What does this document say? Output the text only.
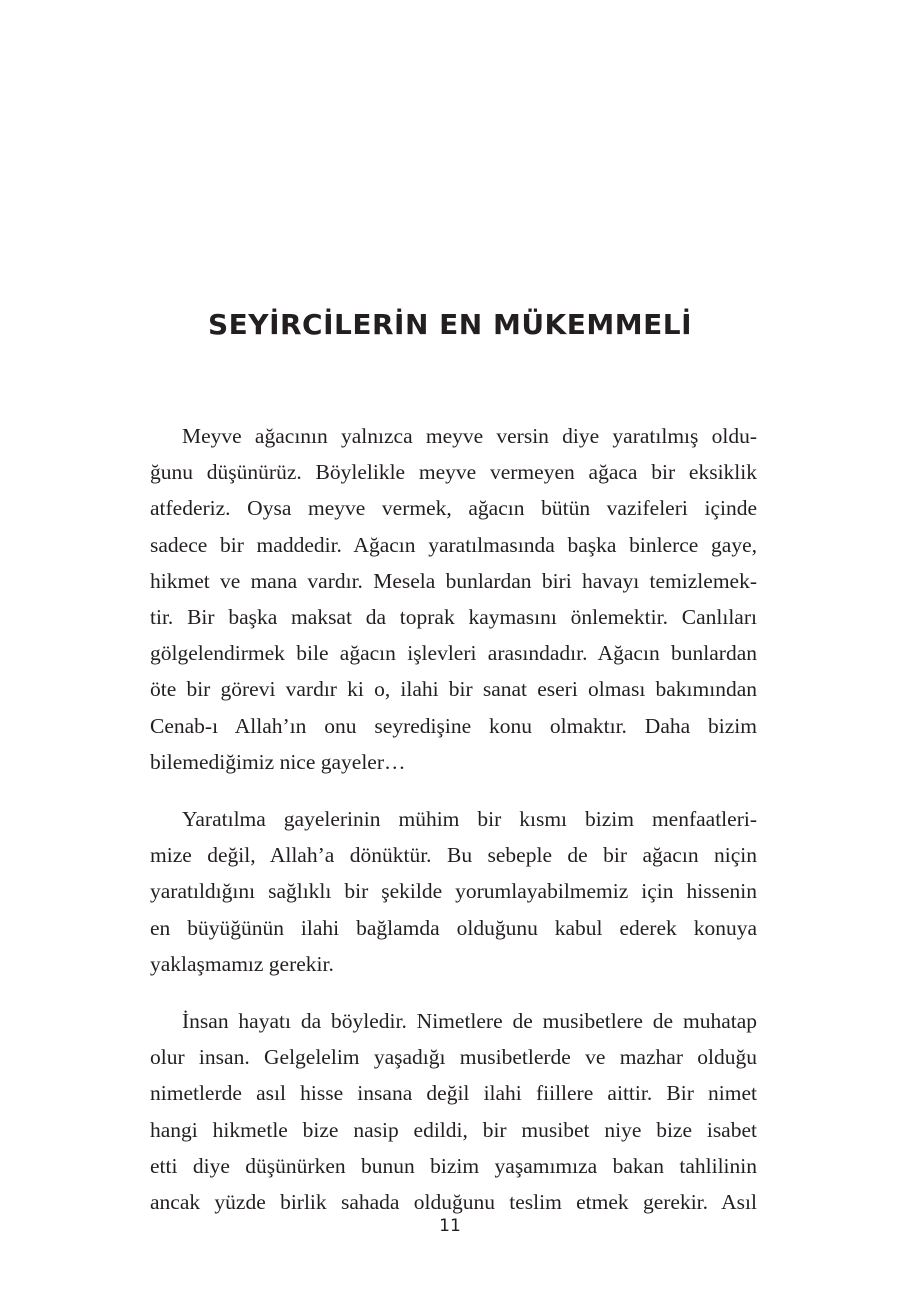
SEYİRCİLERİN EN MÜKEMMELİ

Meyve ağacının yalnızca meyve versin diye yaratılmış oldu-
ğunu düşünürüz. Böylelikle meyve vermeyen ağaca bir eksiklik
atfederiz. Oysa meyve vermek, ağacın bütün vazifeleri içinde
sadece bir maddedir. Ağacın yaratılmasında başka binlerce gaye,
hikmet ve mana vardır. Mesela bunlardan biri havayı temizlemek-
tir. Bir başka maksat da toprak kaymasını önlemektir. Canlıları
gölgelendirmek bile ağacın işlevleri arasındadır. Ağacın bunlardan
öte bir görevi vardır ki o, ilahi bir sanat eseri olması bakımından
Cenab-ı Allah’ın onu seyredişine konu olmaktır. Daha bizim
bilemediğimiz nice gayeler…

Yaratılma gayelerinin mühim bir kısmı bizim menfaatleri-
mize değil, Allah’a dönüktür. Bu sebeple de bir ağacın niçin
yaratıldığını sağlıklı bir şekilde yorumlayabilmemiz için hissenin
en büyüğünün ilahi bağlamda olduğunu kabul ederek konuya
yaklaşmamız gerekir.

İnsan hayatı da böyledir. Nimetlere de musibetlere de muhatap
olur insan. Gelgelelim yaşadığı musibetlerde ve mazhar olduğu
nimetlerde asıl hisse insana değil ilahi fiillere aittir. Bir nimet
hangi hikmetle bize nasip edildi, bir musibet niye bize isabet
etti diye düşünürken bunun bizim yaşamımıza bakan tahlilinin
ancak yüzde birlik sahada olduğunu teslim etmek gerekir. Asıl

11
